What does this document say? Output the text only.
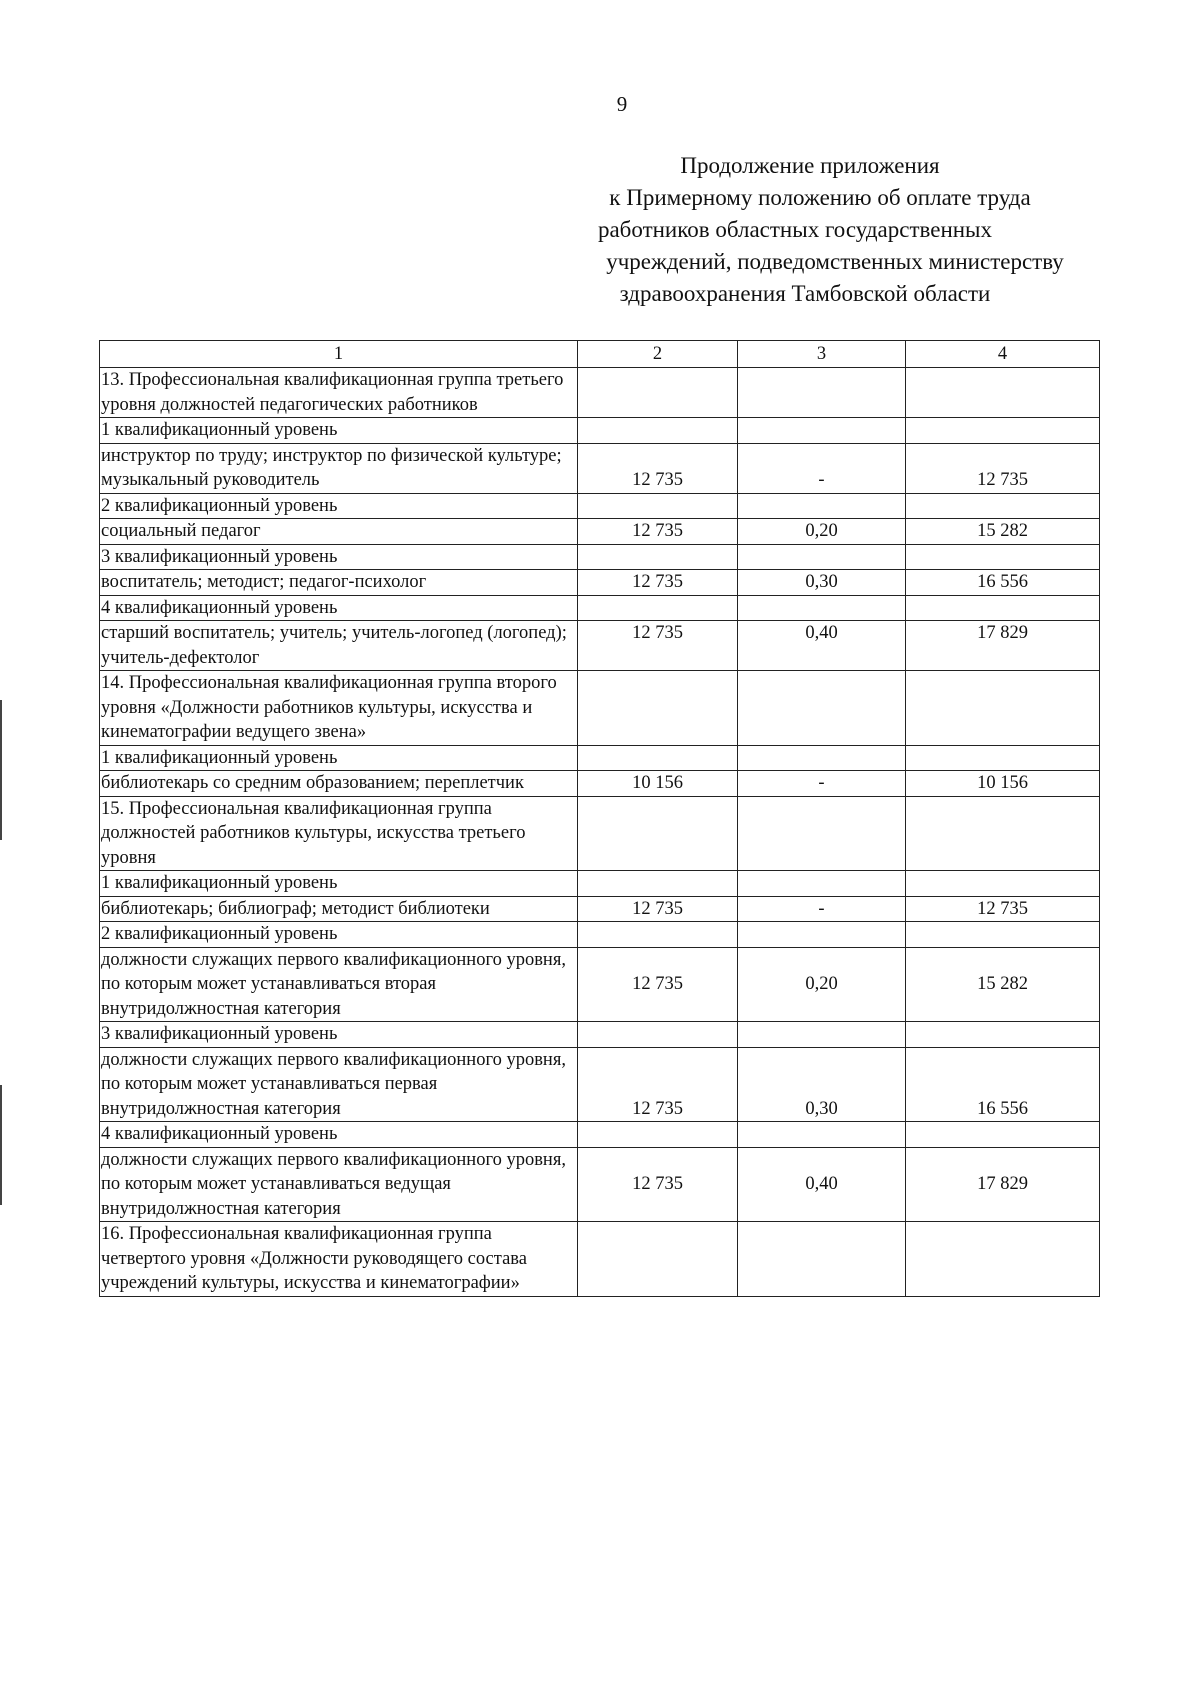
9
Продолжение приложения
к Примерному положению об оплате труда
работников областных государственных
учреждений, подведомственных министерству
здравоохранения Тамбовской области
1	2	3	4
13. Профессиональная квалификационная группа третьего уровня должностей педагогических работников			
1 квалификационный уровень			
инструктор по труду; инструктор по физической культуре; музыкальный руководитель	12 735	-	12 735
2 квалификационный уровень			
социальный педагог	12 735	0,20	15 282
3 квалификационный уровень			
воспитатель; методист; педагог-психолог	12 735	0,30	16 556
4 квалификационный уровень			
старший воспитатель; учитель; учитель-логопед (логопед); учитель-дефектолог	12 735	0,40	17 829
14. Профессиональная квалификационная группа второго уровня «Должности работников культуры, искусства и кинематографии ведущего звена»			
1 квалификационный уровень			
библиотекарь со средним образованием; переплетчик	10 156	-	10 156
15. Профессиональная квалификационная группа должностей работников культуры, искусства третьего уровня			
1 квалификационный уровень			
библиотекарь; библиограф; методист библиотеки	12 735	-	12 735
2 квалификационный уровень			
должности служащих первого квалификационного уровня, по которым может устанавливаться вторая внутридолжностная категория	12 735	0,20	15 282
3 квалификационный уровень			
должности служащих первого квалификационного уровня, по которым может устанавливаться первая внутридолжностная категория	12 735	0,30	16 556
4 квалификационный уровень			
должности служащих первого квалификационного уровня, по которым может устанавливаться ведущая внутридолжностная категория	12 735	0,40	17 829
16. Профессиональная квалификационная группа четвертого уровня «Должности руководящего состава учреждений культуры, искусства и кинематографии»			
